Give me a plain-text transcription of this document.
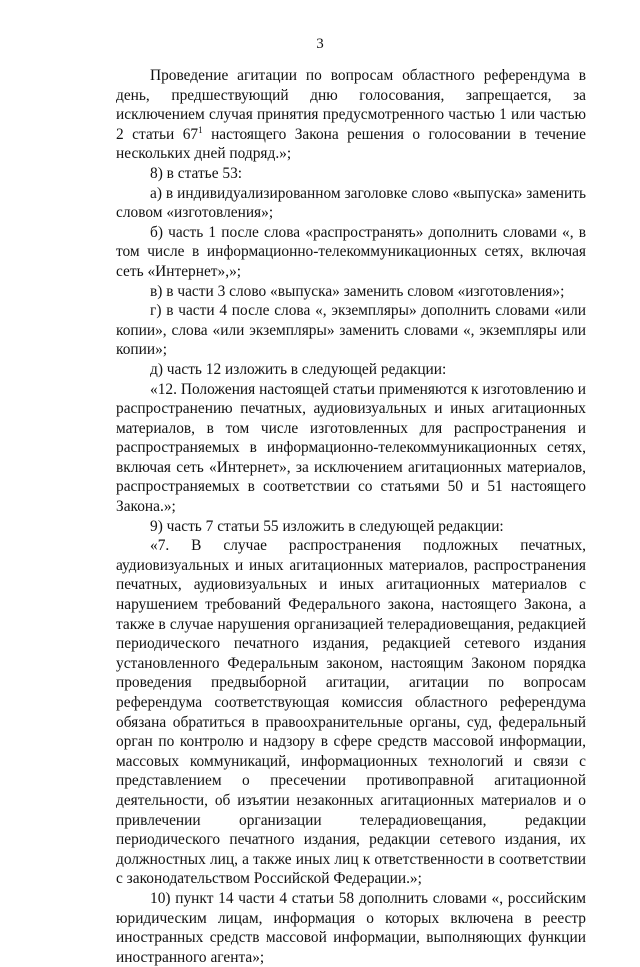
3

Проведение агитации по вопросам областного референдума в день, предшествующий дню голосования, запрещается, за исключением случая принятия предусмотренного частью 1 или частью 2 статьи $67^1$ настоящего Закона решения о голосовании в течение нескольких дней подряд.»;

8) в статье 53:

а) в индивидуализированном заголовке слово «выпуска» заменить словом «изготовления»;

б) часть 1 после слова «распространять» дополнить словами «, в том числе в информационно-телекоммуникационных сетях, включая сеть «Интернет»,»;

в) в части 3 слово «выпуска» заменить словом «изготовления»;

г) в части 4 после слова «, экземпляры» дополнить словами «или копии», слова «или экземпляры» заменить словами «, экземпляры или копии»;

д) часть 12 изложить в следующей редакции:

«12. Положения настоящей статьи применяются к изготовлению и распространению печатных, аудиовизуальных и иных агитационных материалов, в том числе изготовленных для распространения и распространяемых в информационно-телекоммуникационных сетях, включая сеть «Интернет», за исключением агитационных материалов, распространяемых в соответствии со статьями 50 и 51 настоящего Закона.»;

9) часть 7 статьи 55 изложить в следующей редакции:

«7. В случае распространения подложных печатных, аудиовизуальных и иных агитационных материалов, распространения печатных, аудиовизуальных и иных агитационных материалов с нарушением требований Федерального закона, настоящего Закона, а также в случае нарушения организацией телерадиовещания, редакцией периодического печатного издания, редакцией сетевого издания установленного Федеральным законом, настоящим Законом порядка проведения предвыборной агитации, агитации по вопросам референдума соответствующая комиссия областного референдума обязана обратиться в правоохранительные органы, суд, федеральный орган по контролю и надзору в сфере средств массовой информации, массовых коммуникаций, информационных технологий и связи с представлением о пресечении противоправной агитационной деятельности, об изъятии незаконных агитационных материалов и о привлечении организации телерадиовещания, редакции периодического печатного издания, редакции сетевого издания, их должностных лиц, а также иных лиц к ответственности в соответствии с законодательством Российской Федерации.»;

10) пункт 14 части 4 статьи 58 дополнить словами «, российским юридическим лицам, информация о которых включена в реестр иностранных средств массовой информации, выполняющих функции иностранного агента»;
